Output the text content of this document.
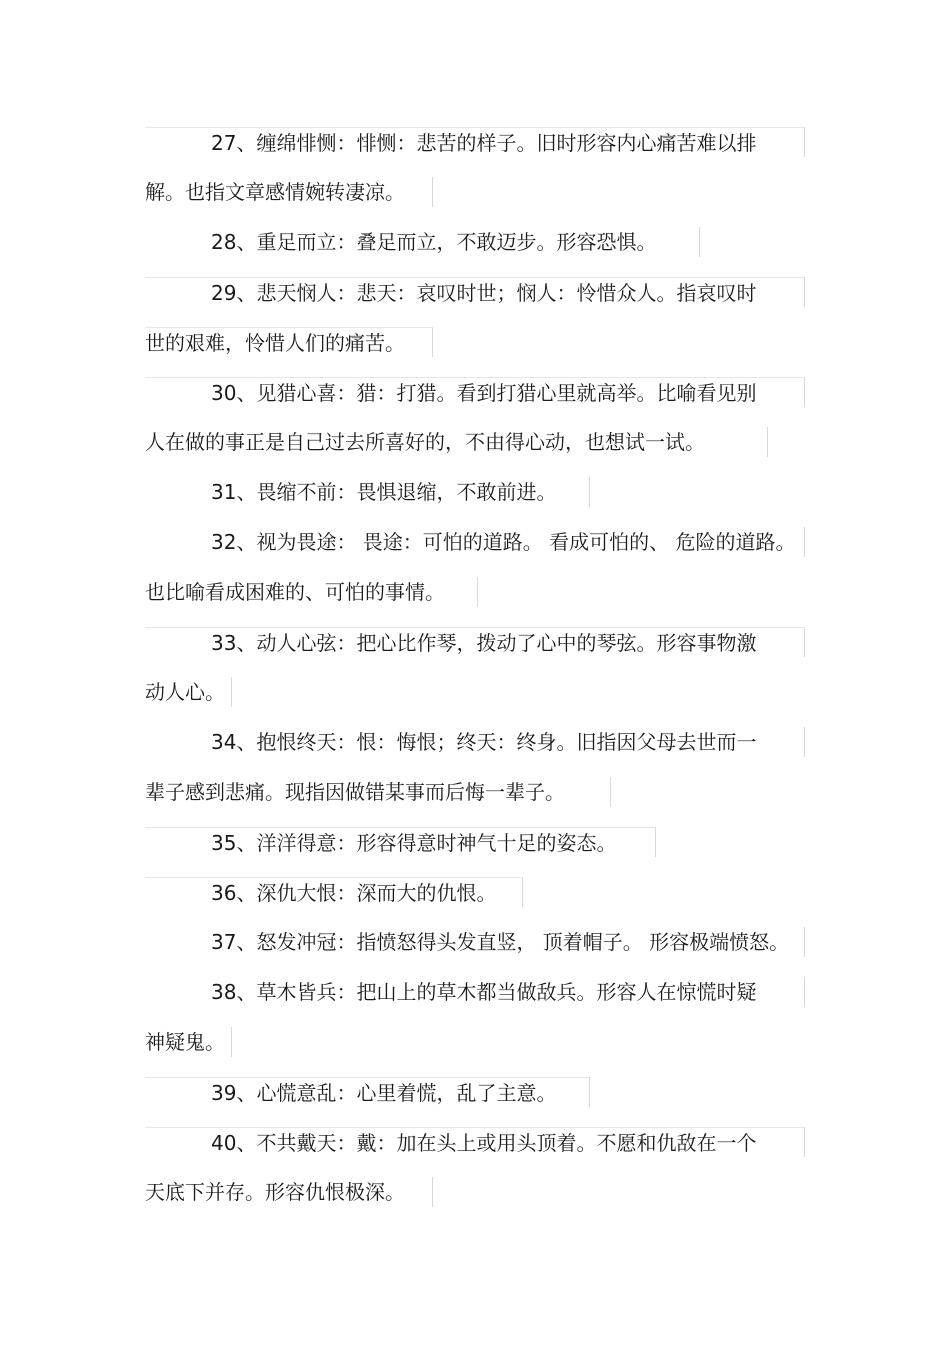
27、缠绵悱恻：悱恻：悲苦的样子。旧时形容内心痛苦难以排
解。也指文章感情婉转凄凉。
28、重足而立：叠足而立，不敢迈步。形容恐惧。
29、悲天悯人：悲天：哀叹时世；悯人：怜惜众人。指哀叹时
世的艰难，怜惜人们的痛苦。
30、见猎心喜：猎：打猎。看到打猎心里就高举。比喻看见别
人在做的事正是自己过去所喜好的，不由得心动，也想试一试。
31、畏缩不前：畏惧退缩，不敢前进。
32、视为畏途： 畏途：可怕的道路。 看成可怕的、 危险的道路。
也比喻看成困难的、可怕的事情。
33、动人心弦：把心比作琴，拨动了心中的琴弦。形容事物激
动人心。
34、抱恨终天：恨：悔恨；终天：终身。旧指因父母去世而一
辈子感到悲痛。现指因做错某事而后悔一辈子。
35、洋洋得意：形容得意时神气十足的姿态。
36、深仇大恨：深而大的仇恨。
37、怒发冲冠：指愤怒得头发直竖， 顶着帽子。 形容极端愤怒。
38、草木皆兵：把山上的草木都当做敌兵。形容人在惊慌时疑
神疑鬼。
39、心慌意乱：心里着慌，乱了主意。
40、不共戴天：戴：加在头上或用头顶着。不愿和仇敌在一个
天底下并存。形容仇恨极深。
